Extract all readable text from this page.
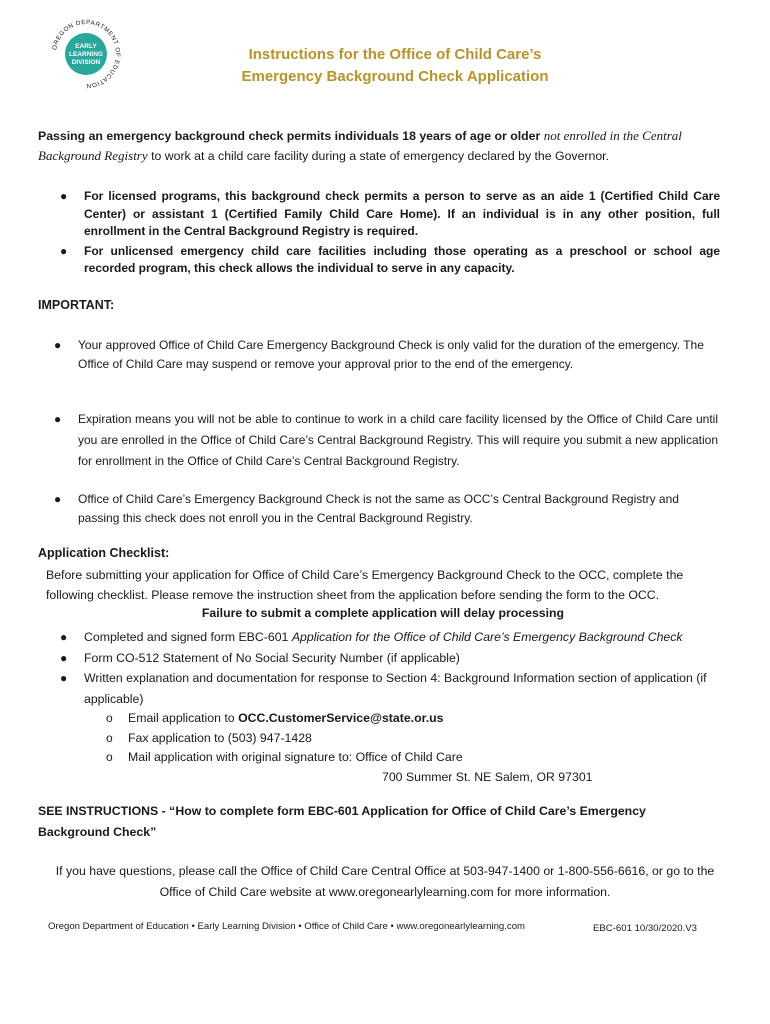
OREGON DEPARTMENT OF EDUCATION
EARLY
LEARNING
DIVISION	Instructions for the Office of Child Care’s
Emergency Background Check Application
Passing an emergency background check permits individuals 18 years of age or older not enrolled in the Central Background Registry to work at a child care facility during a state of emergency declared by the Governor.
● For licensed programs, this background check permits a person to serve as an aide 1 (Certified Child Care Center) or assistant 1 (Certified Family Child Care Home). If an individual is in any other position, full enrollment in the Central Background Registry is required.
● For unlicensed emergency child care facilities including those operating as a preschool or school age recorded program, this check allows the individual to serve in any capacity.
IMPORTANT:
● Your approved Office of Child Care Emergency Background Check is only valid for the duration of the emergency. The Office of Child Care may suspend or remove your approval prior to the end of the emergency.
● Expiration means you will not be able to continue to work in a child care facility licensed by the Office of Child Care until you are enrolled in the Office of Child Care’s Central Background Registry. This will require you submit a new application for enrollment in the Office of Child Care’s Central Background Registry.
● Office of Child Care’s Emergency Background Check is not the same as OCC’s Central Background Registry and passing this check does not enroll you in the Central Background Registry.
Application Checklist:
Before submitting your application for Office of Child Care’s Emergency Background Check to the OCC, complete the following checklist. Please remove the instruction sheet from the application before sending the form to the OCC.
Failure to submit a complete application will delay processing
● Completed and signed form EBC-601 Application for the Office of Child Care’s Emergency Background Check
● Form CO-512 Statement of No Social Security Number (if applicable)
● Written explanation and documentation for response to Section 4: Background Information section of application (if applicable)
o Email application to OCC.CustomerService@state.or.us
o Fax application to (503) 947-1428
o Mail application with original signature to: Office of Child Care
700 Summer St. NE Salem, OR 97301
SEE INSTRUCTIONS - “How to complete form EBC-601 Application for Office of Child Care’s Emergency Background Check”
If you have questions, please call the Office of Child Care Central Office at 503-947-1400 or 1-800-556-6616, or go to the Office of Child Care website at www.oregonearlylearning.com for more information.
Oregon Department of Education • Early Learning Division • Office of Child Care • www.oregonearlylearning.com	EBC-601 10/30/2020.V3
